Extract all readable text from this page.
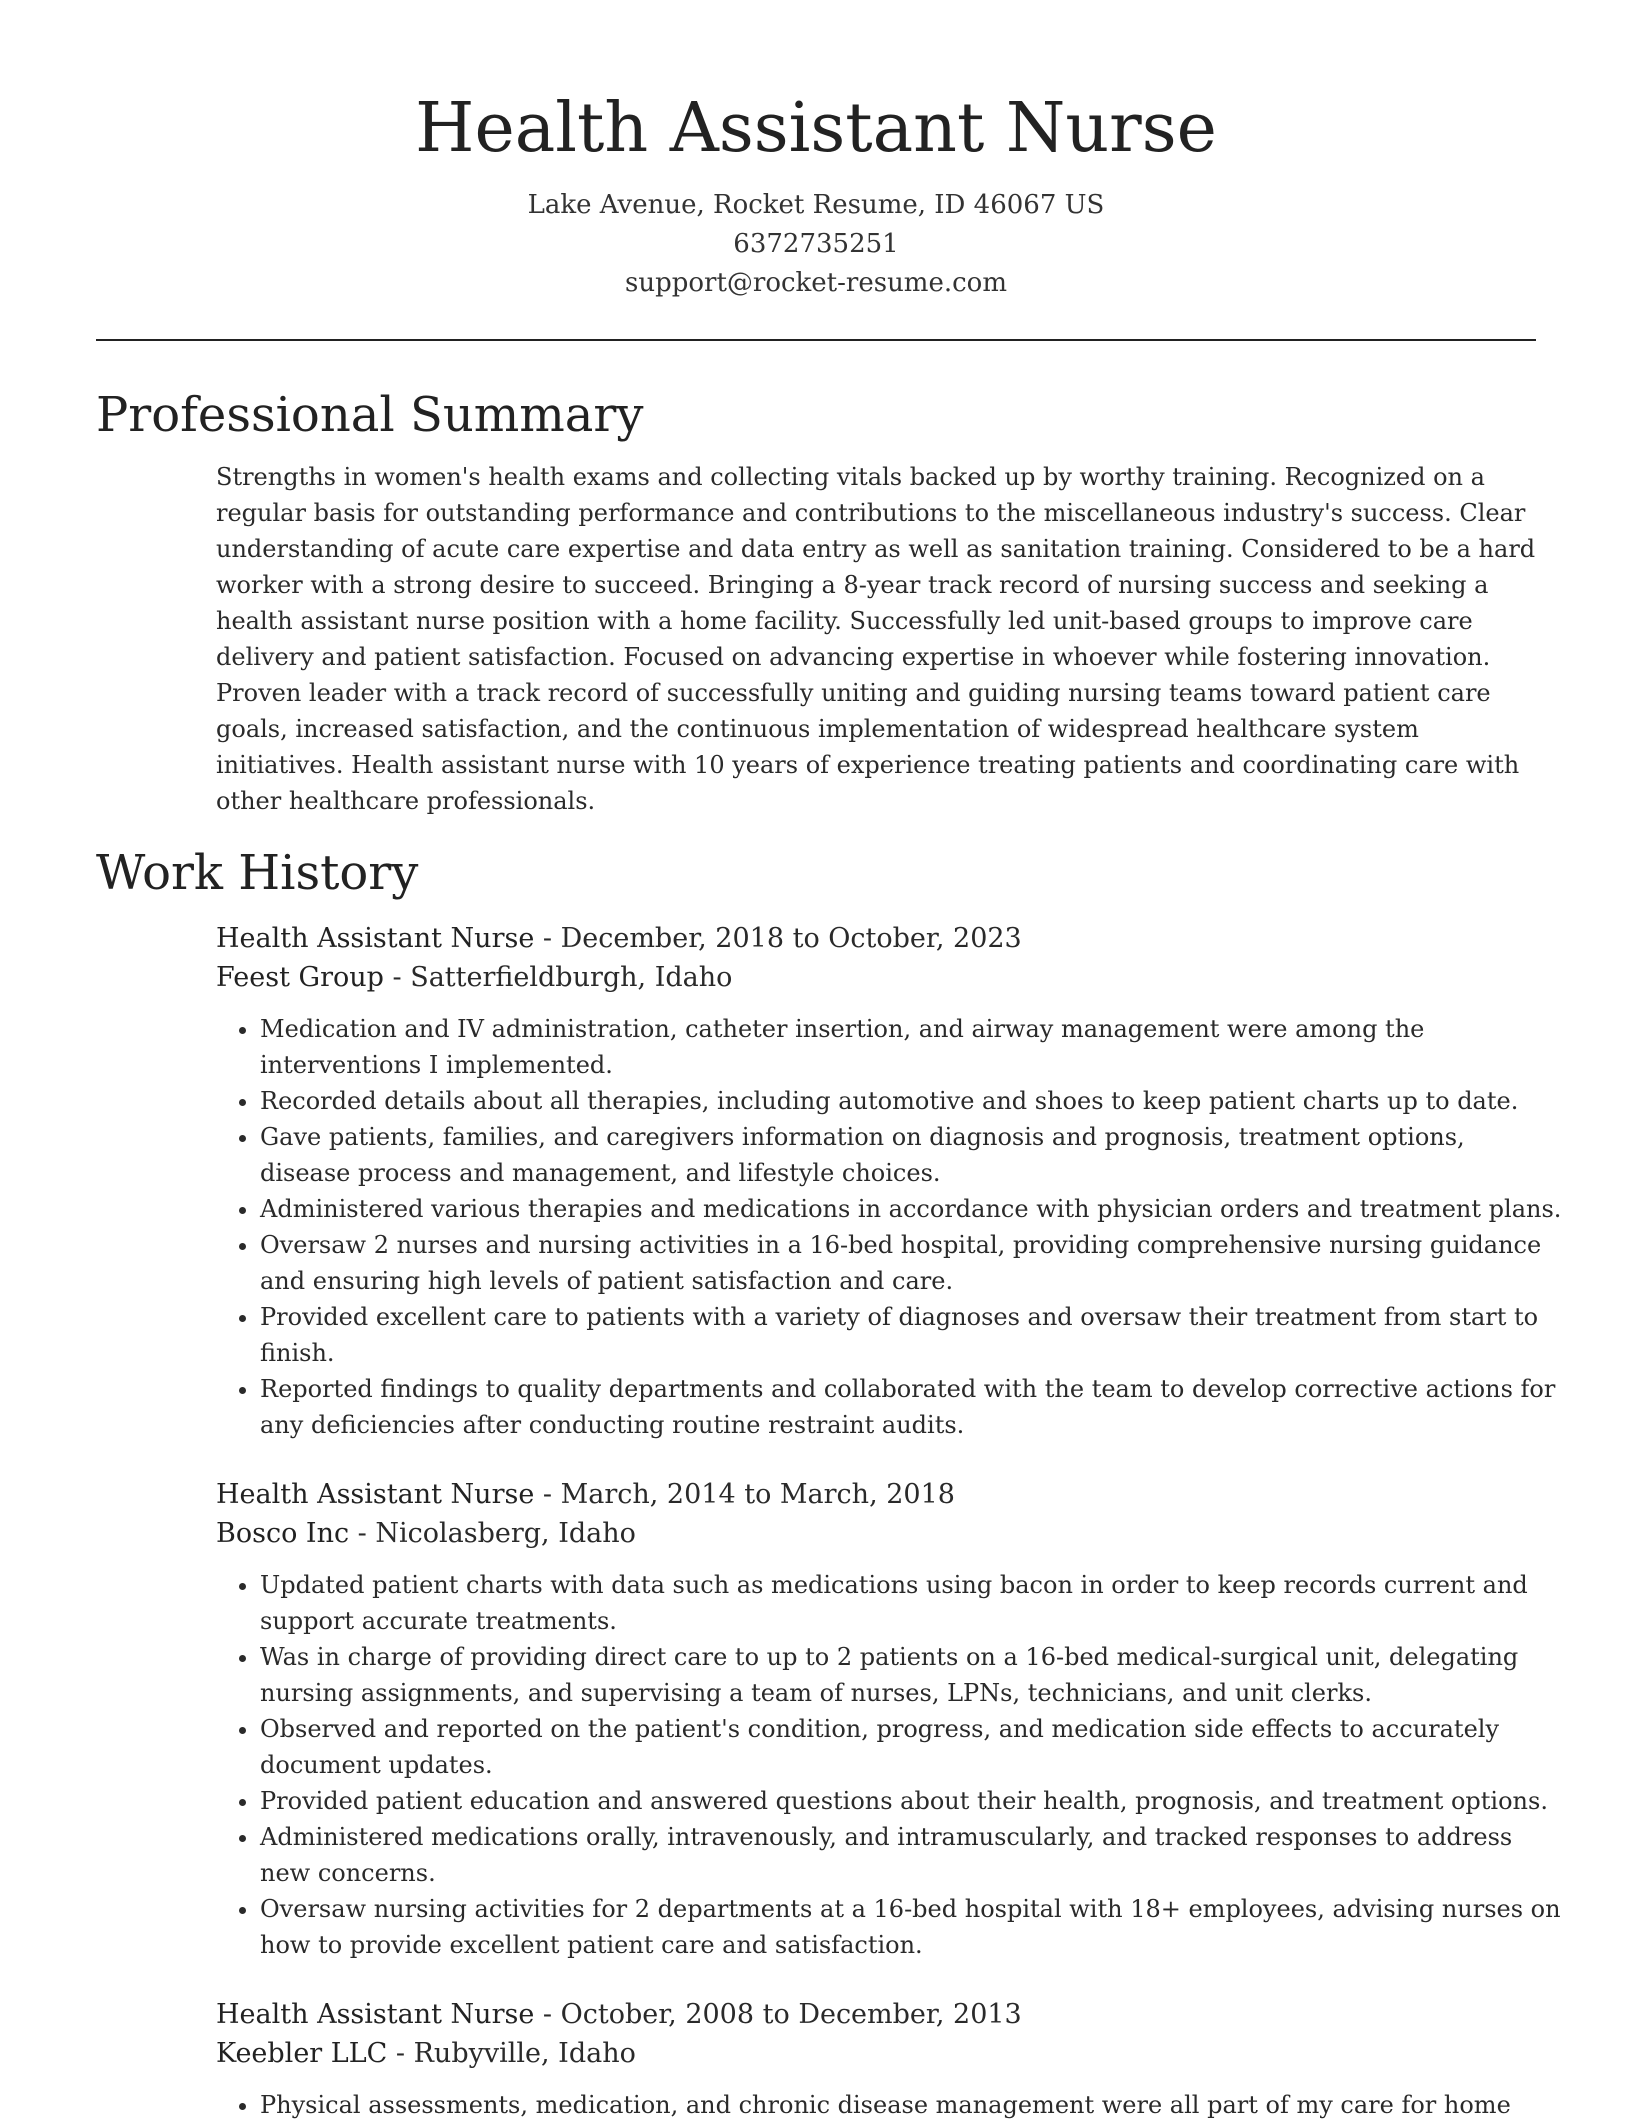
Health Assistant Nurse
Lake Avenue, Rocket Resume, ID 46067 US
6372735251
support@rocket-resume.com
Professional Summary

Strengths in women's health exams and collecting vitals backed up by worthy training. Recognized on a regular basis for outstanding performance and contributions to the miscellaneous industry's success. Clear understanding of acute care expertise and data entry as well as sanitation training. Considered to be a hard worker with a strong desire to succeed. Bringing a 8-year track record of nursing success and seeking a health assistant nurse position with a home facility. Successfully led unit-based groups to improve care delivery and patient satisfaction. Focused on advancing expertise in whoever while fostering innovation. Proven leader with a track record of successfully uniting and guiding nursing teams toward patient care goals, increased satisfaction, and the continuous implementation of widespread healthcare system initiatives. Health assistant nurse with 10 years of experience treating patients and coordinating care with other healthcare professionals.

Work History
Health Assistant Nurse - December, 2018 to October, 2023
Feest Group - Satterfieldburgh, Idaho
• Medication and IV administration, catheter insertion, and airway management were among the interventions I implemented.
• Recorded details about all therapies, including automotive and shoes to keep patient charts up to date.
• Gave patients, families, and caregivers information on diagnosis and prognosis, treatment options, disease process and management, and lifestyle choices.
• Administered various therapies and medications in accordance with physician orders and treatment plans.
• Oversaw 2 nurses and nursing activities in a 16-bed hospital, providing comprehensive nursing guidance and ensuring high levels of patient satisfaction and care.
• Provided excellent care to patients with a variety of diagnoses and oversaw their treatment from start to finish.
• Reported findings to quality departments and collaborated with the team to develop corrective actions for any deficiencies after conducting routine restraint audits.
Health Assistant Nurse - March, 2014 to March, 2018
Bosco Inc - Nicolasberg, Idaho
• Updated patient charts with data such as medications using bacon in order to keep records current and support accurate treatments.
• Was in charge of providing direct care to up to 2 patients on a 16-bed medical-surgical unit, delegating nursing assignments, and supervising a team of nurses, LPNs, technicians, and unit clerks.
• Observed and reported on the patient's condition, progress, and medication side effects to accurately document updates.
• Provided patient education and answered questions about their health, prognosis, and treatment options.
• Administered medications orally, intravenously, and intramuscularly, and tracked responses to address new concerns.
• Oversaw nursing activities for 2 departments at a 16-bed hospital with 18+ employees, advising nurses on how to provide excellent patient care and satisfaction.
Health Assistant Nurse - October, 2008 to December, 2013
Keebler LLC - Rubyville, Idaho
• Physical assessments, medication, and chronic disease management were all part of my care for home
